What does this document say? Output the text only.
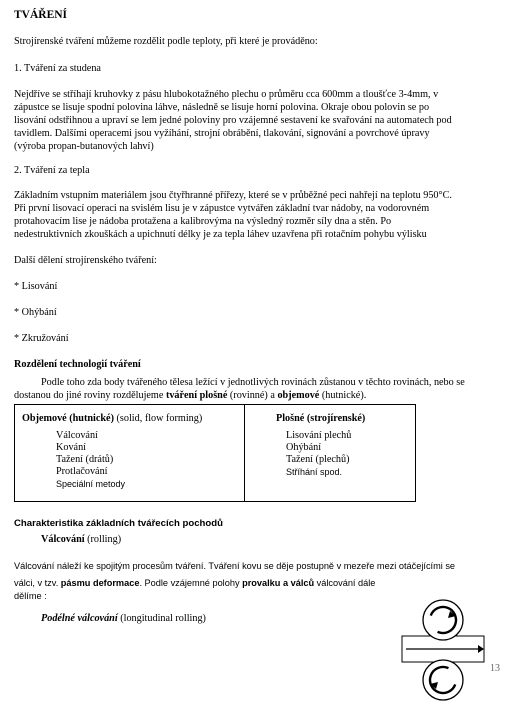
TVÁŘENÍ
Strojírenské tváření můžeme rozdělit podle teploty, při které je prováděno:
1. Tváření za studena

Nejdříve se stříhají kruhovky z pásu hlubokotažného plechu o průměru cca 600mm a tloušťce 3-4mm, v

zápustce se lisuje spodní polovina láhve, následně se lisuje horní polovina. Okraje obou polovin se po

lisování odstřihnou a upraví se lem jedné poloviny pro vzájemné sestavení ke svařování na automatech pod

tavidlem. Dalšími operacemi jsou vyžíhání, strojní obrábění, tlakování, signování a povrchové úpravy

(výroba propan-butanových lahví)

2. Tváření za tepla

Základním vstupním materiálem jsou čtyřhranné přířezy, které se v průběžné peci nahřejí na teplotu 950°C.

Při první lisovací operaci na svislém lisu je v zápustce vytvářen základní tvar nádoby, na vodorovném

protahovacím lise je nádoba protažena a kalibrovýma na výsledný rozměr síly dna a stěn. Po

nedestruktivních zkouškách a upichnutí délky je za tepla láhev uzavřena při rotačním pohybu výlisku

Další dělení strojírenského tváření:
* Lisování
* Ohýbání
* Zkružování
Rozdělení technologií tváření
Podle toho zda body tvářeného tělesa ležící v jednotlivých rovinách zůstanou v těchto rovinách, nebo se
dostanou do jiné roviny rozdělujeme tváření plošné (rovinné) a objemové (hutnické).
Objemové (hutnické) (solid, flow forming)

Válcování

Kování

Tažení (drátů)

Protlačování

Speciální metody

Plošné (strojírenské)

Lisování plechů

Ohýbání

Tažení (plechů)

Stříhání spod.

Charakteristika základních tvářecích pochodů
Válcování (rolling)

Válcování náleží ke spojitým procesům tváření. Tváření kovu se děje postupně v mezeře mezi otáčejícími se

válci, v tzv. pásmu deformace. Podle vzájemné polohy provalku a válců válcování dále

dělíme :

Podélné válcování (longitudinal rolling)
13
